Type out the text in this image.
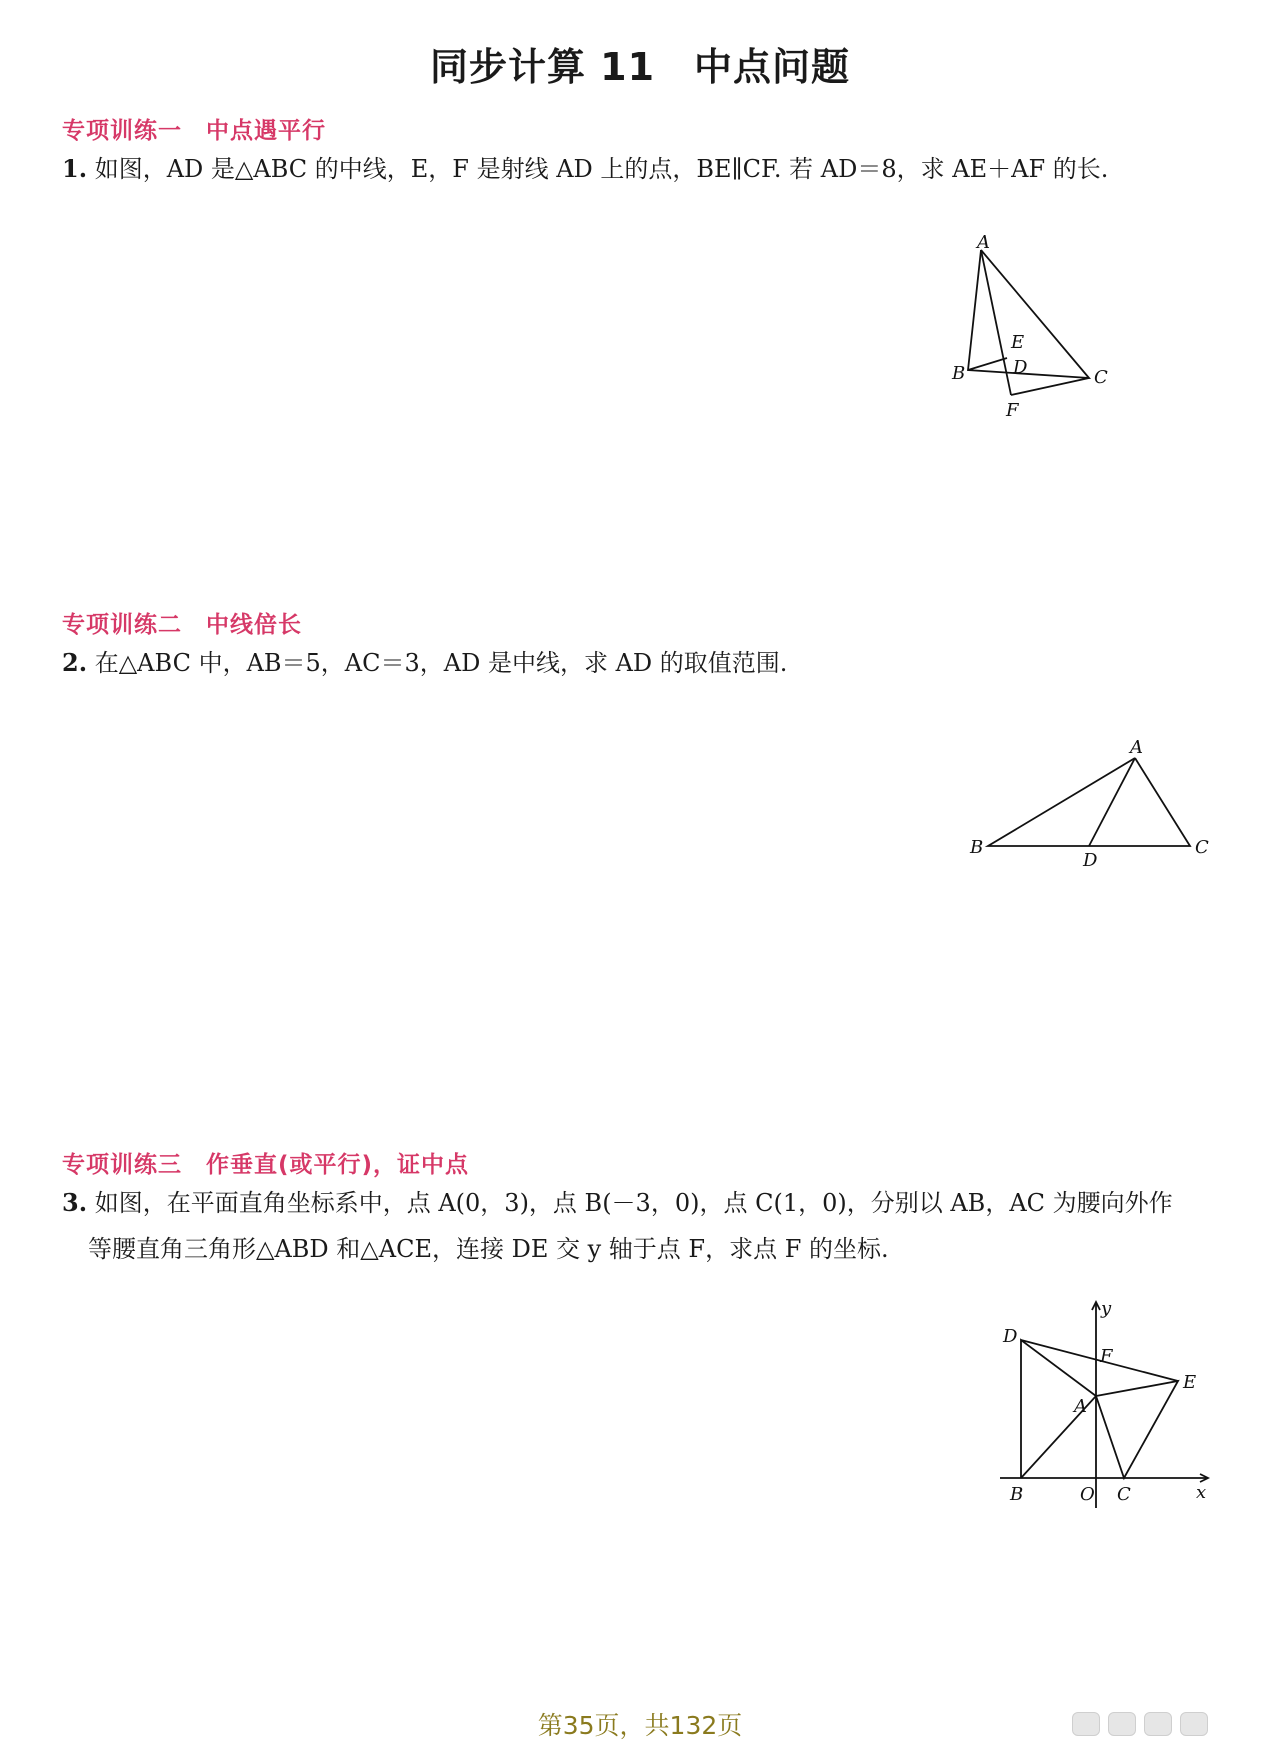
同步计算 11　中点问题
专项训练一　中点遇平行
1. 如图，AD 是△ABC 的中线，E，F 是射线 AD 上的点，BE∥CF. 若 AD＝8，求 AE＋AF 的长.
A
B	C
D
E
F
专项训练二　中线倍长
2. 在△ABC 中，AB＝5，AC＝3，AD 是中线，求 AD 的取值范围.
A
B	C
D
专项训练三　作垂直(或平行)，证中点
3. 如图，在平面直角坐标系中，点 A(0，3)，点 B(－3，0)，点 C(1，0)，分别以 AB，AC 为腰向外作
等腰直角三角形△ABD 和△ACE，连接 DE 交 y 轴于点 F，求点 F 的坐标.
y
D
F
E
A
B	O C	x
第35页，共132页
